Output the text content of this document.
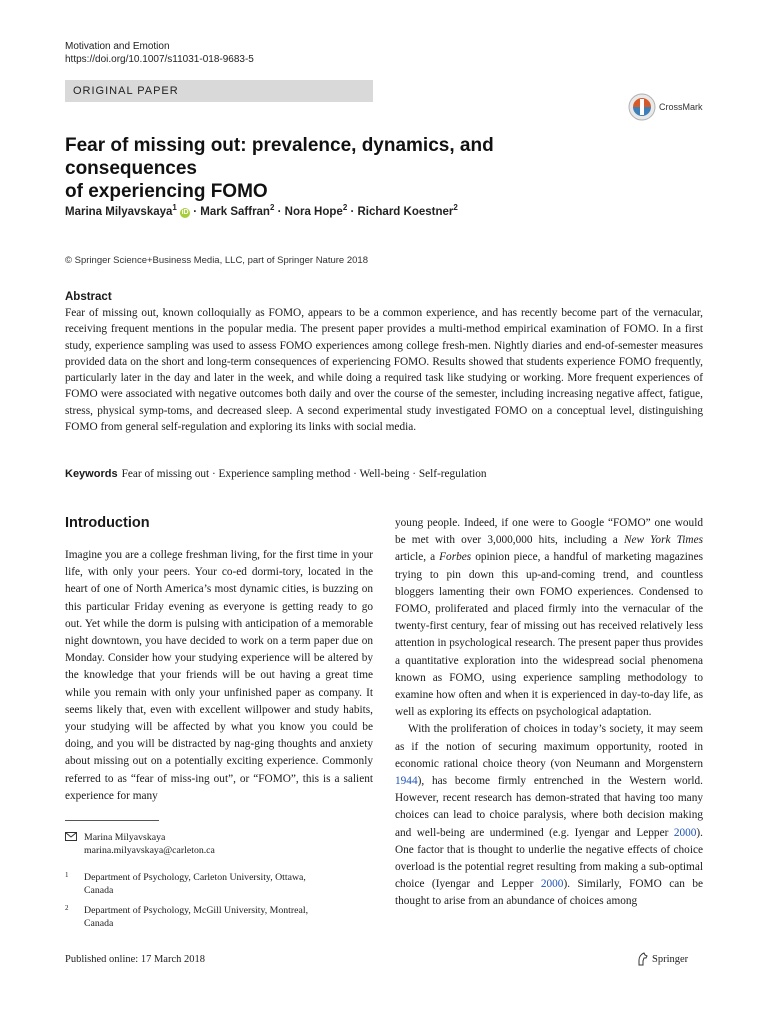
Motivation and Emotion
https://doi.org/10.1007/s11031-018-9683-5
ORIGINAL PAPER
CrossMark
Fear of missing out: prevalence, dynamics, and consequences
of experiencing FOMO
Marina Milyavskaya$^1$ iD · Mark Saffran$^2$ · Nora Hope$^2$ · Richard Koestner$^2$
© Springer Science+Business Media, LLC, part of Springer Nature 2018
Abstract

Fear of missing out, known colloquially as FOMO, appears to be a common experience, and has recently become part of the vernacular, receiving frequent mentions in the popular media. The present paper provides a multi-method empirical examination of FOMO. In a first study, experience sampling was used to assess FOMO experiences among college fresh-men. Nightly diaries and end-of-semester measures provided data on the short and long-term consequences of experiencing FOMO. Results showed that students experience FOMO frequently, particularly later in the day and later in the week, and while doing a required task like studying or working. More frequent experiences of FOMO were associated with negative outcomes both daily and over the course of the semester, including increasing negative affect, fatigue, stress, physical symp-toms, and decreased sleep. A second experimental study investigated FOMO on a conceptual level, distinguishing FOMO from general self-regulation and exploring its links with social media.

Keywords Fear of missing out · Experience sampling method · Well-being · Self-regulation
Introduction

Imagine you are a college freshman living, for the first time in your life, with only your peers. Your co-ed dormi-tory, located in the heart of one of North America’s most dynamic cities, is buzzing on this particular Friday evening as everyone is getting ready to go out. Yet while the dorm is pulsing with anticipation of a memorable night downtown, you have decided to work on a term paper due on Monday. Consider how your studying experience will be altered by the knowledge that your friends will be out having a great time while you remain with only your unfinished paper as company. It seems likely that, even with excellent willpower and study habits, your studying will be affected by what you know you could be doing, and you will be distracted by nag-ging thoughts and anxiety about missing out on a potentially exciting experience. Commonly referred to as “fear of miss-ing out”, or “FOMO”, this is a salient experience for many

young people. Indeed, if one were to Google “FOMO” one would be met with over 3,000,000 hits, including a New York Times article, a Forbes opinion piece, a handful of marketing magazines trying to pin down this up-and-coming trend, and countless bloggers lamenting their own FOMO experiences. Condensed to FOMO, proliferated and placed firmly into the vernacular of the twenty-first century, fear of missing out has received relatively less attention in psychological research. The present paper thus provides a quantitative exploration into the widespread social phenomena known as FOMO, using experience sampling methodology to examine how often and when it is experienced in day-to-day life, as well as exploring its effects on psychological adaptation.

With the proliferation of choices in today’s society, it may seem as if the notion of securing maximum opportunity, rooted in economic rational choice theory (von Neumann and Morgenstern 1944), has become firmly entrenched in the Western world. However, recent research has demon-strated that having too many choices can lead to choice paralysis, where both decision making and well-being are undermined (e.g. Iyengar and Lepper 2000). One factor that is thought to underlie the negative effects of choice overload is the potential regret resulting from making a sub-optimal choice (Iyengar and Lepper 2000). Similarly, FOMO can be thought to arise from an abundance of choices among

Marina Milyavskaya
marina.milyavskaya@carleton.ca
1 Department of Psychology, Carleton University, Ottawa,
Canada
2 Department of Psychology, McGill University, Montreal,
Canada
Published online: 17 March 2018	Springer
